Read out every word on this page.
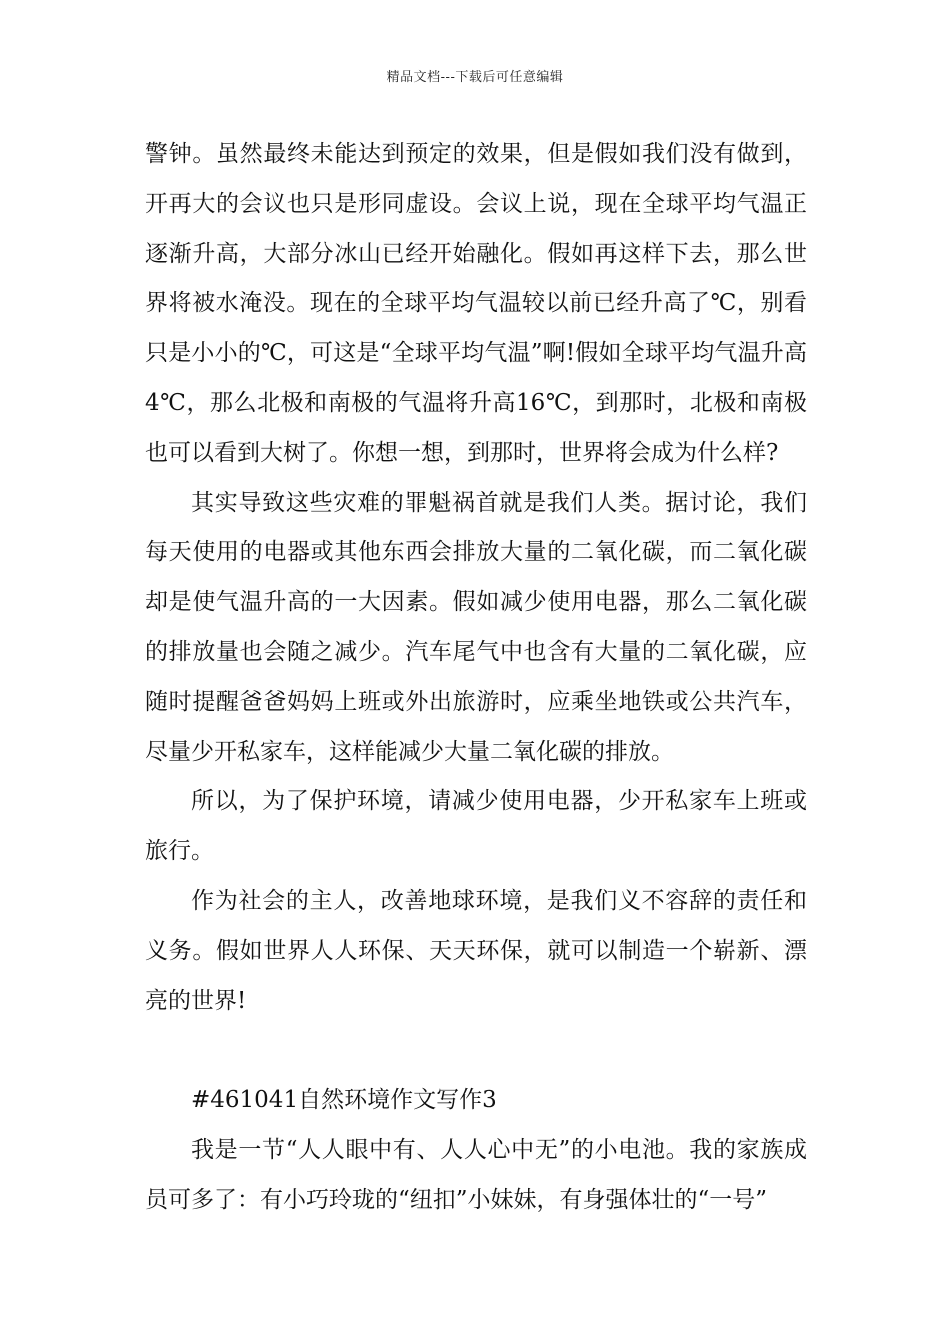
精品文档---下载后可任意编辑

警钟。虽然最终未能达到预定的效果，但是假如我们没有做到，开再大的会议也只是形同虚设。会议上说，现在全球平均气温正逐渐升高，大部分冰山已经开始融化。假如再这样下去，那么世界将被水淹没。现在的全球平均气温较以前已经升高了℃，别看只是小小的℃，可这是“全球平均气温”啊!假如全球平均气温升高4℃，那么北极和南极的气温将升高16℃，到那时，北极和南极也可以看到大树了。你想一想，到那时，世界将会成为什么样?

其实导致这些灾难的罪魁祸首就是我们人类。据讨论，我们每天使用的电器或其他东西会排放大量的二氧化碳，而二氧化碳却是使气温升高的一大因素。假如减少使用电器，那么二氧化碳的排放量也会随之减少。汽车尾气中也含有大量的二氧化碳，应随时提醒爸爸妈妈上班或外出旅游时，应乘坐地铁或公共汽车，尽量少开私家车，这样能减少大量二氧化碳的排放。

所以，为了保护环境，请减少使用电器，少开私家车上班或旅行。

作为社会的主人，改善地球环境，是我们义不容辞的责任和义务。假如世界人人环保、天天环保，就可以制造一个崭新、漂亮的世界!

#461041自然环境作文写作3

我是一节“人人眼中有、人人心中无”的小电池。我的家族成员可多了：有小巧玲珑的“纽扣”小妹妹，有身强体壮的“一号”
